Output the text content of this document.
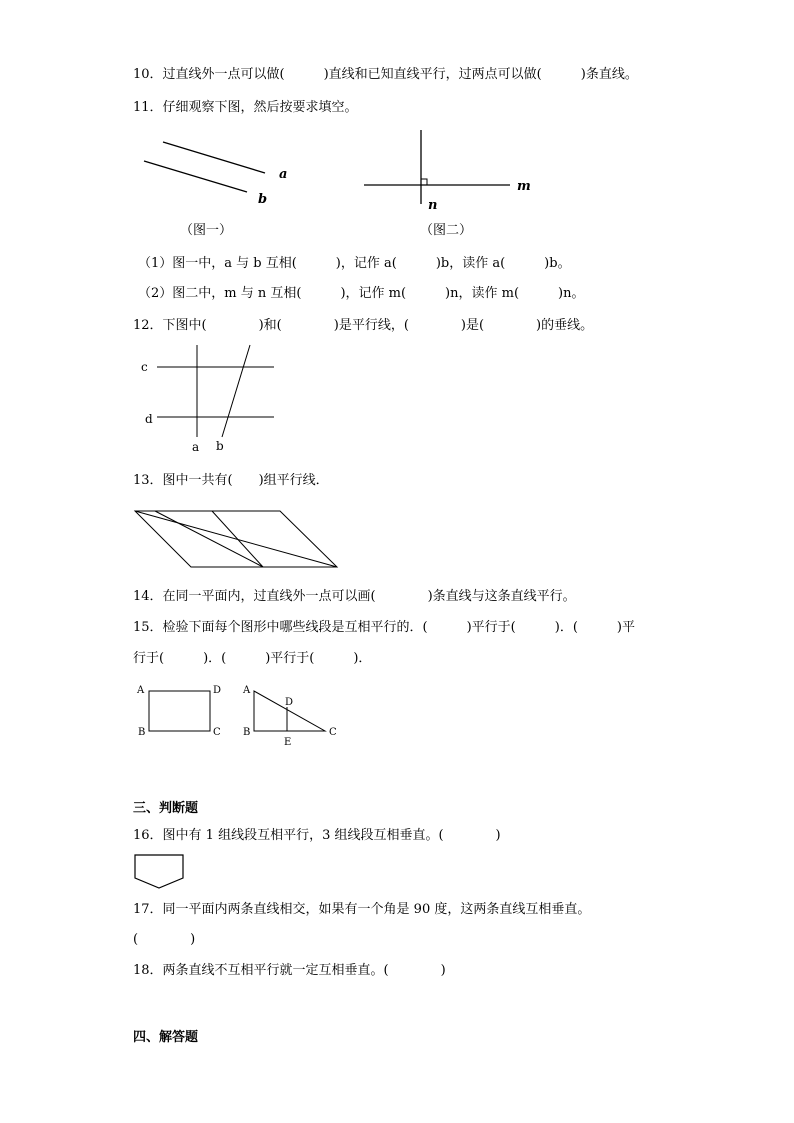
10．过直线外一点可以做(　　　)直线和已知直线平行，过两点可以做(　　　)条直线。
11．仔细观察下图，然后按要求填空。
a
b
（图一）
m
n
（图二）
（1）图一中，a 与 b 互相(　　　)，记作 a(　　　)b，读作 a(　　　)b。
（2）图二中，m 与 n 互相(　　　)，记作 m(　　　)n，读作 m(　　　)n。
12．下图中(　　　　)和(　　　　)是平行线，(　　　　)是(　　　　)的垂线。
c
d
a b
13．图中一共有(　　)组平行线．
14．在同一平面内，过直线外一点可以画(　　　　)条直线与这条直线平行。
15．检验下面每个图形中哪些线段是互相平行的．(　　　)平行于(　　　)．(　　　)平
行于(　　　)．(　　　)平行于(　　　)．
A	D
B	C
A
D
B
E
C
三、判断题
16．图中有 1 组线段互相平行，3 组线段互相垂直。(　　　　)
17．同一平面内两条直线相交，如果有一个角是 90 度，这两条直线互相垂直。
(　　　　)
18．两条直线不互相平行就一定互相垂直。(　　　　)
四、解答题
